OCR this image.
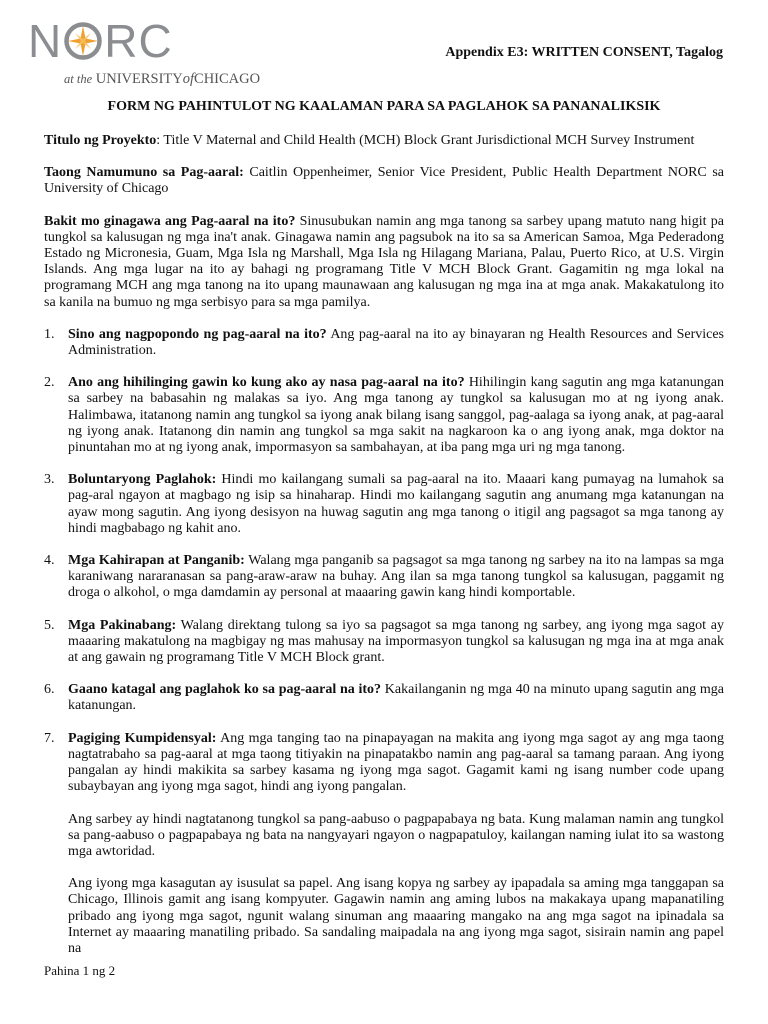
N RC
at the UNIVERSITYofCHICAGO
Appendix E3: WRITTEN CONSENT, Tagalog
FORM NG PAHINTULOT NG KAALAMAN PARA SA PAGLAHOK SA PANANALIKSIK

Titulo ng Proyekto: Title V Maternal and Child Health (MCH) Block Grant Jurisdictional MCH Survey Instrument

Taong Namumuno sa Pag-aaral: Caitlin Oppenheimer, Senior Vice President, Public Health Department NORC sa University of Chicago

Bakit mo ginagawa ang Pag-aaral na ito? Sinusubukan namin ang mga tanong sa sarbey upang matuto nang higit pa tungkol sa kalusugan ng mga ina't anak. Ginagawa namin ang pagsubok na ito sa sa American Samoa, Mga Pederadong Estado ng Micronesia, Guam, Mga Isla ng Marshall, Mga Isla ng Hilagang Mariana, Palau, Puerto Rico, at U.S. Virgin Islands. Ang mga lugar na ito ay bahagi ng programang Title V MCH Block Grant. Gagamitin ng mga lokal na programang MCH ang mga tanong na ito upang maunawaan ang kalusugan ng mga ina at mga anak. Makakatulong ito sa kanila na bumuo ng mga serbisyo para sa mga pamilya.

1. Sino ang nagpopondo ng pag-aaral na ito? Ang pag-aaral na ito ay binayaran ng Health Resources and Services Administration.
2. Ano ang hihilinging gawin ko kung ako ay nasa pag-aaral na ito? Hihilingin kang sagutin ang mga katanungan sa sarbey na babasahin ng malakas sa iyo. Ang mga tanong ay tungkol sa kalusugan mo at ng iyong anak. Halimbawa, itatanong namin ang tungkol sa iyong anak bilang isang sanggol, pag-aalaga sa iyong anak, at pag-aaral ng iyong anak. Itatanong din namin ang tungkol sa mga sakit na nagkaroon ka o ang iyong anak, mga doktor na pinuntahan mo at ng iyong anak, impormasyon sa sambahayan, at iba pang mga uri ng mga tanong.
3. Boluntaryong Paglahok: Hindi mo kailangang sumali sa pag-aaral na ito. Maaari kang pumayag na lumahok sa pag-aral ngayon at magbago ng isip sa hinaharap. Hindi mo kailangang sagutin ang anumang mga katanungan na ayaw mong sagutin. Ang iyong desisyon na huwag sagutin ang mga tanong o itigil ang pagsagot sa mga tanong ay hindi magbabago ng kahit ano.
4. Mga Kahirapan at Panganib: Walang mga panganib sa pagsagot sa mga tanong ng sarbey na ito na lampas sa mga karaniwang nararanasan sa pang-araw-araw na buhay. Ang ilan sa mga tanong tungkol sa kalusugan, paggamit ng droga o alkohol, o mga damdamin ay personal at maaaring gawin kang hindi komportable.
5. Mga Pakinabang: Walang direktang tulong sa iyo sa pagsagot sa mga tanong ng sarbey, ang iyong mga sagot ay maaaring makatulong na magbigay ng mas mahusay na impormasyon tungkol sa kalusugan ng mga ina at mga anak at ang gawain ng programang Title V MCH Block grant.
6. Gaano katagal ang paglahok ko sa pag-aaral na ito? Kakailanganin ng mga 40 na minuto upang sagutin ang mga katanungan.
7. Pagiging Kumpidensyal: Ang mga tanging tao na pinapayagan na makita ang iyong mga sagot ay ang mga taong nagtatrabaho sa pag-aaral at mga taong titiyakin na pinapatakbo namin ang pag-aaral sa tamang paraan. Ang iyong pangalan ay hindi makikita sa sarbey kasama ng iyong mga sagot. Gagamit kami ng isang number code upang subaybayan ang iyong mga sagot, hindi ang iyong pangalan.

Ang sarbey ay hindi nagtatanong tungkol sa pang-aabuso o pagpapabaya ng bata. Kung malaman namin ang tungkol sa pang-aabuso o pagpapabaya ng bata na nangyayari ngayon o nagpapatuloy, kailangan naming iulat ito sa wastong mga awtoridad.

Ang iyong mga kasagutan ay isusulat sa papel. Ang isang kopya ng sarbey ay ipapadala sa aming mga tanggapan sa Chicago, Illinois gamit ang isang kompyuter. Gagawin namin ang aming lubos na makakaya upang mapanatiling pribado ang iyong mga sagot, ngunit walang sinuman ang maaaring mangako na ang mga sagot na ipinadala sa Internet ay maaaring manatiling pribado. Sa sandaling maipadala na ang iyong mga sagot, sisirain namin ang papel na

Pahina 1 ng 2
